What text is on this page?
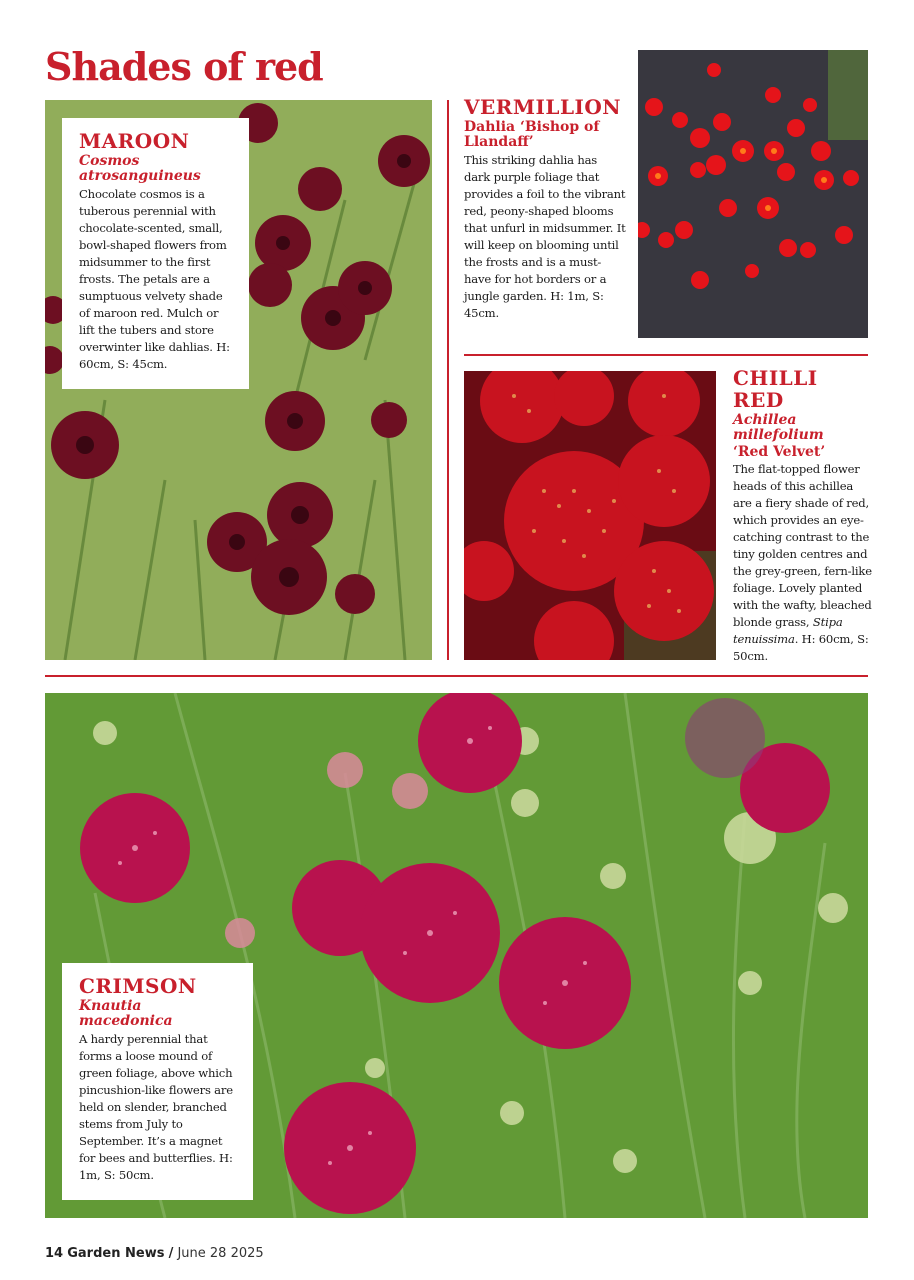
Shades of red
MAROON
Cosmos atrosanguineus

Chocolate cosmos is a tuberous perennial with chocolate-scented, small, bowl-shaped flowers from midsummer to the first frosts. The petals are a sumptuous velvety shade of maroon red. Mulch or lift the tubers and store overwinter like dahlias. H: 60cm, S: 45cm.

VERMILLION
Dahlia ‘Bishop of Llandaff’

This striking dahlia has dark purple foliage that provides a foil to the vibrant red, peony-shaped blooms that unfurl in midsummer. It will keep on blooming until the frosts and is a must-have for hot borders or a jungle garden. H: 1m, S: 45cm.

CHILLI RED
Achillea millefolium
‘Red Velvet’

The flat-topped flower heads of this achillea are a fiery shade of red, which provides an eye-catching contrast to the tiny golden centres and the grey-green, fern-like foliage. Lovely planted with the wafty, bleached blonde grass, Stipa tenuissima. H: 60cm, S: 50cm.

CRIMSON
Knautia macedonica

A hardy perennial that forms a loose mound of green foliage, above which pincushion-like flowers are held on slender, branched stems from July to September. It’s a magnet for bees and butterflies. H: 1m, S: 50cm.

14 Garden News / June 28 2025
